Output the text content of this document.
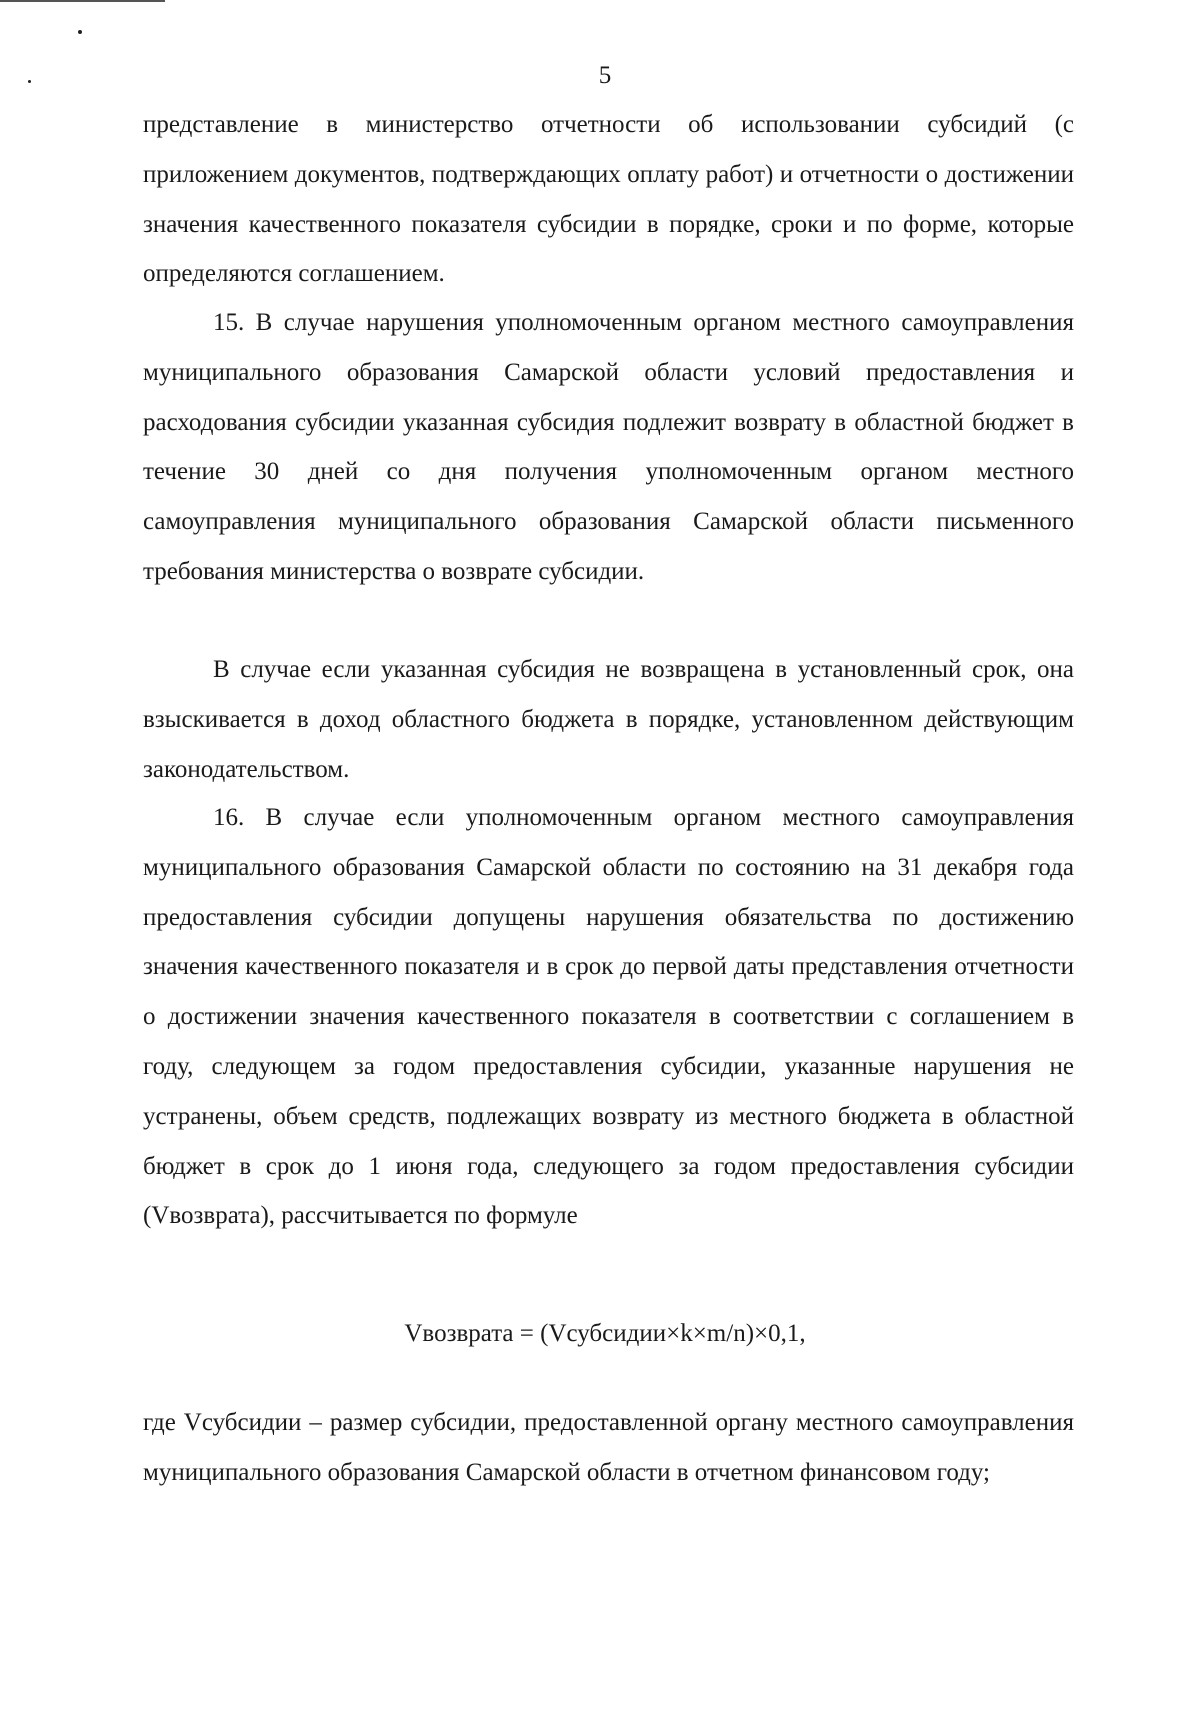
5

представление в министерство отчетности об использовании субсидий (с приложением документов, подтверждающих оплату работ) и отчетности о достижении значения качественного показателя субсидии в порядке, сроки и по форме, которые определяются соглашением.

15. В случае нарушения уполномоченным органом местного самоуправления муниципального образования Самарской области условий предоставления и расходования субсидии указанная субсидия подлежит возврату в областной бюджет в течение 30 дней со дня получения уполномоченным органом местного самоуправления муниципального образования Самарской области письменного требования министерства о возврате субсидии.

В случае если указанная субсидия не возвращена в установленный срок, она взыскивается в доход областного бюджета в порядке, установленном действующим законодательством.

16. В случае если уполномоченным органом местного самоуправления муниципального образования Самарской области по состоянию на 31 декабря года предоставления субсидии допущены нарушения обязательства по достижению значения качественного показателя и в срок до первой даты представления отчетности о достижении значения качественного показателя в соответствии с соглашением в году, следующем за годом предоставления субсидии, указанные нарушения не устранены, объем средств, подлежащих возврату из местного бюджета в областной бюджет в срок до 1 июня года, следующего за годом предоставления субсидии (Vвозврата), рассчитывается по формуле

Vвозврата = (Vсубсидии×k×m/n)×0,1,

где Vсубсидии – размер субсидии, предоставленной органу местного самоуправления муниципального образования Самарской области в отчетном финансовом году;
